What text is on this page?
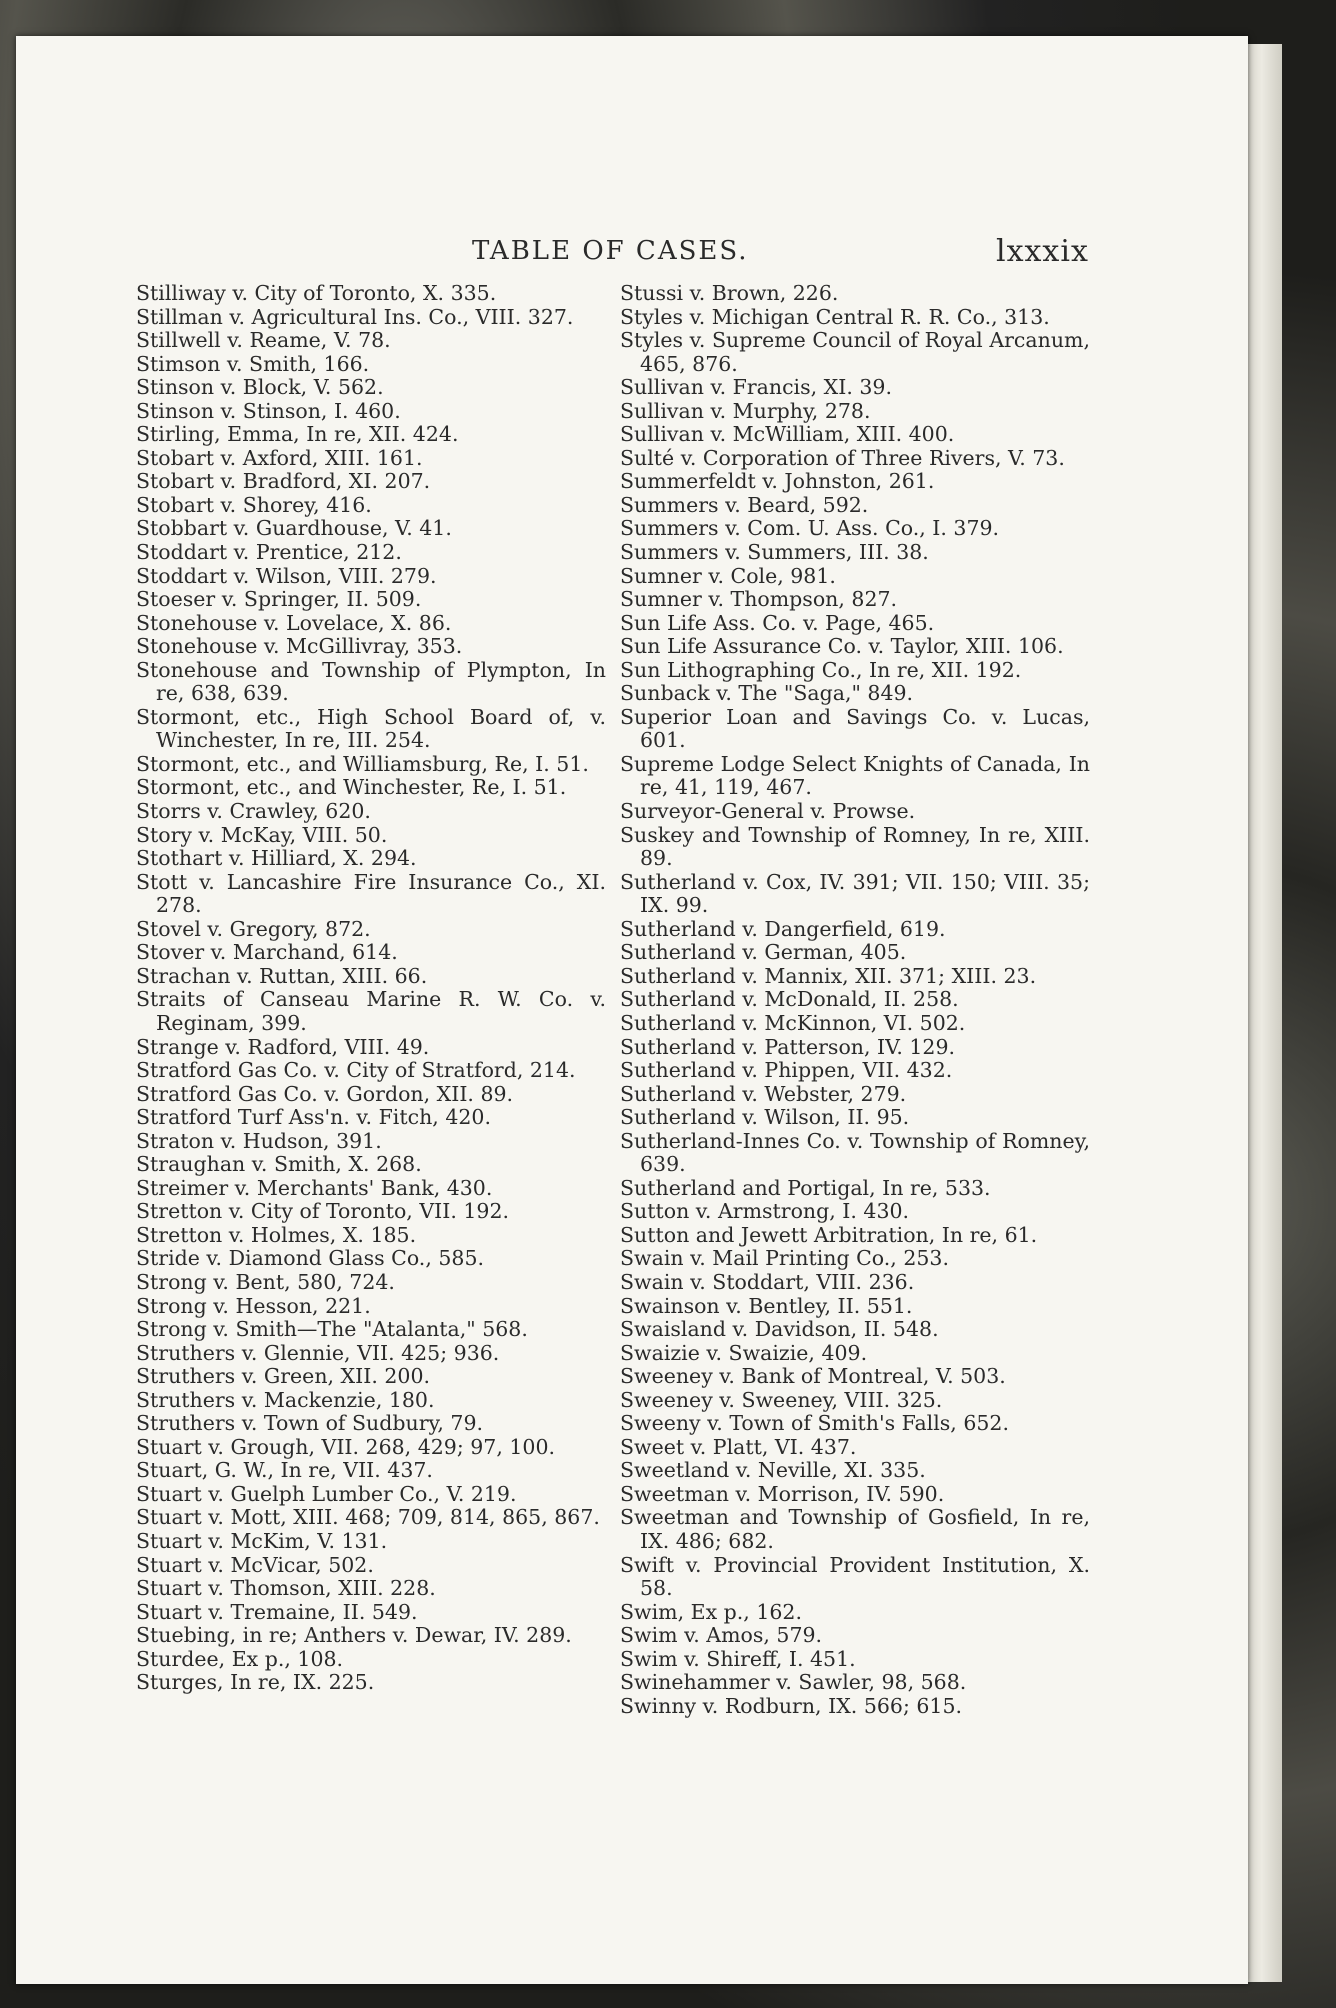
TABLE OF CASES.	lxxxix
Stilliway v. City of Toronto, X. 335.
Stillman v. Agricultural Ins. Co., VIII. 327.
Stillwell v. Reame, V. 78.
Stimson v. Smith, 166.
Stinson v. Block, V. 562.
Stinson v. Stinson, I. 460.
Stirling, Emma, In re, XII. 424.
Stobart v. Axford, XIII. 161.
Stobart v. Bradford, XI. 207.
Stobart v. Shorey, 416.
Stobbart v. Guardhouse, V. 41.
Stoddart v. Prentice, 212.
Stoddart v. Wilson, VIII. 279.
Stoeser v. Springer, II. 509.
Stonehouse v. Lovelace, X. 86.
Stonehouse v. McGillivray, 353.
Stonehouse and Township of Plympton, In re, 638, 639.
Stormont, etc., High School Board of, v. Winchester, In re, III. 254.
Stormont, etc., and Williamsburg, Re, I. 51.
Stormont, etc., and Winchester, Re, I. 51.
Storrs v. Crawley, 620.
Story v. McKay, VIII. 50.
Stothart v. Hilliard, X. 294.
Stott v. Lancashire Fire Insurance Co., XI. 278.
Stovel v. Gregory, 872.
Stover v. Marchand, 614.
Strachan v. Ruttan, XIII. 66.
Straits of Canseau Marine R. W. Co. v. Reginam, 399.
Strange v. Radford, VIII. 49.
Stratford Gas Co. v. City of Stratford, 214.
Stratford Gas Co. v. Gordon, XII. 89.
Stratford Turf Ass'n. v. Fitch, 420.
Straton v. Hudson, 391.
Straughan v. Smith, X. 268.
Streimer v. Merchants' Bank, 430.
Stretton v. City of Toronto, VII. 192.
Stretton v. Holmes, X. 185.
Stride v. Diamond Glass Co., 585.
Strong v. Bent, 580, 724.
Strong v. Hesson, 221.
Strong v. Smith—The "Atalanta," 568.
Struthers v. Glennie, VII. 425; 936.
Struthers v. Green, XII. 200.
Struthers v. Mackenzie, 180.
Struthers v. Town of Sudbury, 79.
Stuart v. Grough, VII. 268, 429; 97, 100.
Stuart, G. W., In re, VII. 437.
Stuart v. Guelph Lumber Co., V. 219.
Stuart v. Mott, XIII. 468; 709, 814, 865, 867.
Stuart v. McKim, V. 131.
Stuart v. McVicar, 502.
Stuart v. Thomson, XIII. 228.
Stuart v. Tremaine, II. 549.
Stuebing, in re; Anthers v. Dewar, IV. 289.
Sturdee, Ex p., 108.
Sturges, In re, IX. 225.
Stussi v. Brown, 226.
Styles v. Michigan Central R. R. Co., 313.
Styles v. Supreme Council of Royal Arcanum, 465, 876.
Sullivan v. Francis, XI. 39.
Sullivan v. Murphy, 278.
Sullivan v. McWilliam, XIII. 400.
Sulté v. Corporation of Three Rivers, V. 73.
Summerfeldt v. Johnston, 261.
Summers v. Beard, 592.
Summers v. Com. U. Ass. Co., I. 379.
Summers v. Summers, III. 38.
Sumner v. Cole, 981.
Sumner v. Thompson, 827.
Sun Life Ass. Co. v. Page, 465.
Sun Life Assurance Co. v. Taylor, XIII. 106.
Sun Lithographing Co., In re, XII. 192.
Sunback v. The "Saga," 849.
Superior Loan and Savings Co. v. Lucas, 601.
Supreme Lodge Select Knights of Canada, In re, 41, 119, 467.
Surveyor-General v. Prowse.
Suskey and Township of Romney, In re, XIII. 89.
Sutherland v. Cox, IV. 391; VII. 150; VIII. 35; IX. 99.
Sutherland v. Dangerfield, 619.
Sutherland v. German, 405.
Sutherland v. Mannix, XII. 371; XIII. 23.
Sutherland v. McDonald, II. 258.
Sutherland v. McKinnon, VI. 502.
Sutherland v. Patterson, IV. 129.
Sutherland v. Phippen, VII. 432.
Sutherland v. Webster, 279.
Sutherland v. Wilson, II. 95.
Sutherland-Innes Co. v. Township of Romney, 639.
Sutherland and Portigal, In re, 533.
Sutton v. Armstrong, I. 430.
Sutton and Jewett Arbitration, In re, 61.
Swain v. Mail Printing Co., 253.
Swain v. Stoddart, VIII. 236.
Swainson v. Bentley, II. 551.
Swaisland v. Davidson, II. 548.
Swaizie v. Swaizie, 409.
Sweeney v. Bank of Montreal, V. 503.
Sweeney v. Sweeney, VIII. 325.
Sweeny v. Town of Smith's Falls, 652.
Sweet v. Platt, VI. 437.
Sweetland v. Neville, XI. 335.
Sweetman v. Morrison, IV. 590.
Sweetman and Township of Gosfield, In re, IX. 486; 682.
Swift v. Provincial Provident Institution, X. 58.
Swim, Ex p., 162.
Swim v. Amos, 579.
Swim v. Shireff, I. 451.
Swinehammer v. Sawler, 98, 568.
Swinny v. Rodburn, IX. 566; 615.
